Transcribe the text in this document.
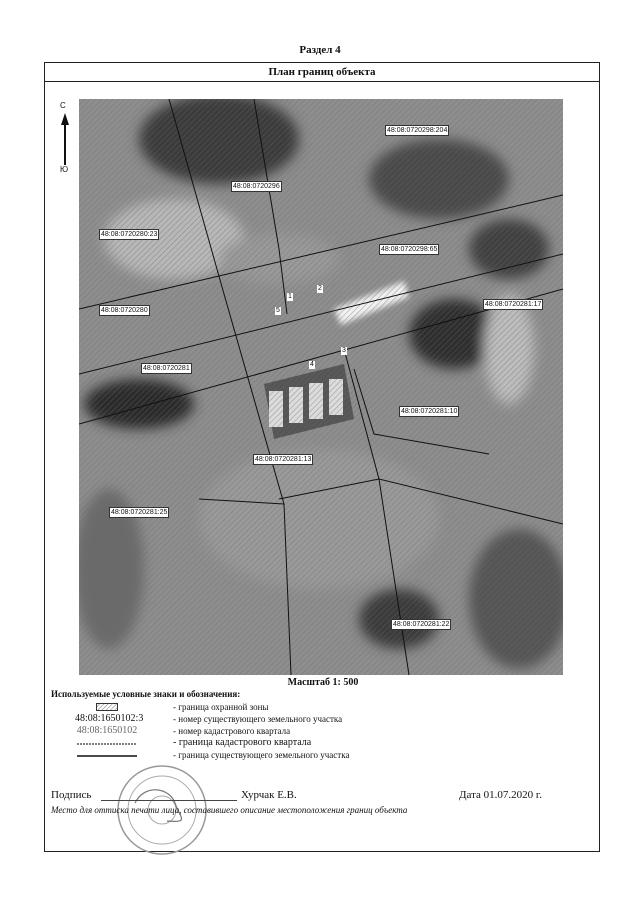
Раздел 4
План границ объекта
С
Ю
48:08:0720298:204
48:08:0720296
48:08:0720280:23
48:08:0720298:65
48:08:0720280
48:08:0720281:17
48:08:0720281
48:08:0720281:10
48:08:0720281:13
48:08:0720281:25
48:08:0720281:22
1
2
3
4
5
Масштаб 1: 500
Используемые условные знаки и обозначения:
- граница охранной зоны
48:08:1650102:3	- номер существующего земельного участка
48:08:1650102	- номер кадастрового квартала
- граница кадастрового квартала
- граница существующего земельного участка
Подпись	Хурчак Е.В.	Дата 01.07.2020 г.
Место для оттиска печати лица, составившего описание местоположения границ объекта
